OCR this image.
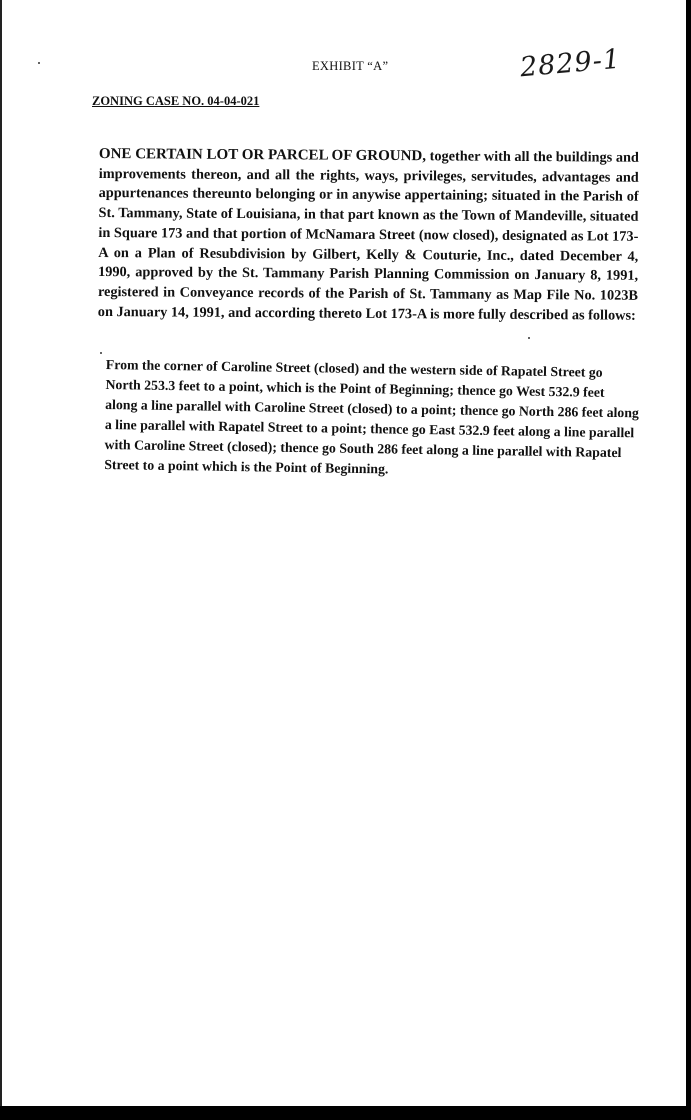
EXHIBIT “A”	2829-1
ZONING CASE NO. 04-04-021

ONE CERTAIN LOT OR PARCEL OF GROUND, together with all the buildings and improvements thereon, and all the rights, ways, privileges, servitudes, advantages and appurtenances thereunto belonging or in anywise appertaining; situated in the Parish of St. Tammany, State of Louisiana, in that part known as the Town of Mandeville, situated in Square 173 and that portion of McNamara Street (now closed), designated as Lot 173-A on a Plan of Resubdivision by Gilbert, Kelly & Couturie, Inc., dated December 4, 1990, approved by the St. Tammany Parish Planning Commission on January 8, 1991, registered in Conveyance records of the Parish of St. Tammany as Map File No. 1023B on January 14, 1991, and according thereto Lot 173-A is more fully described as follows:

From the corner of Caroline Street (closed) and the western side of Rapatel Street go North 253.3 feet to a point, which is the Point of Beginning; thence go West 532.9 feet along a line parallel with Caroline Street (closed) to a point; thence go North 286 feet along a line parallel with Rapatel Street to a point; thence go East 532.9 feet along a line parallel with Caroline Street (closed); thence go South 286 feet along a line parallel with Rapatel Street to a point which is the Point of Beginning.
